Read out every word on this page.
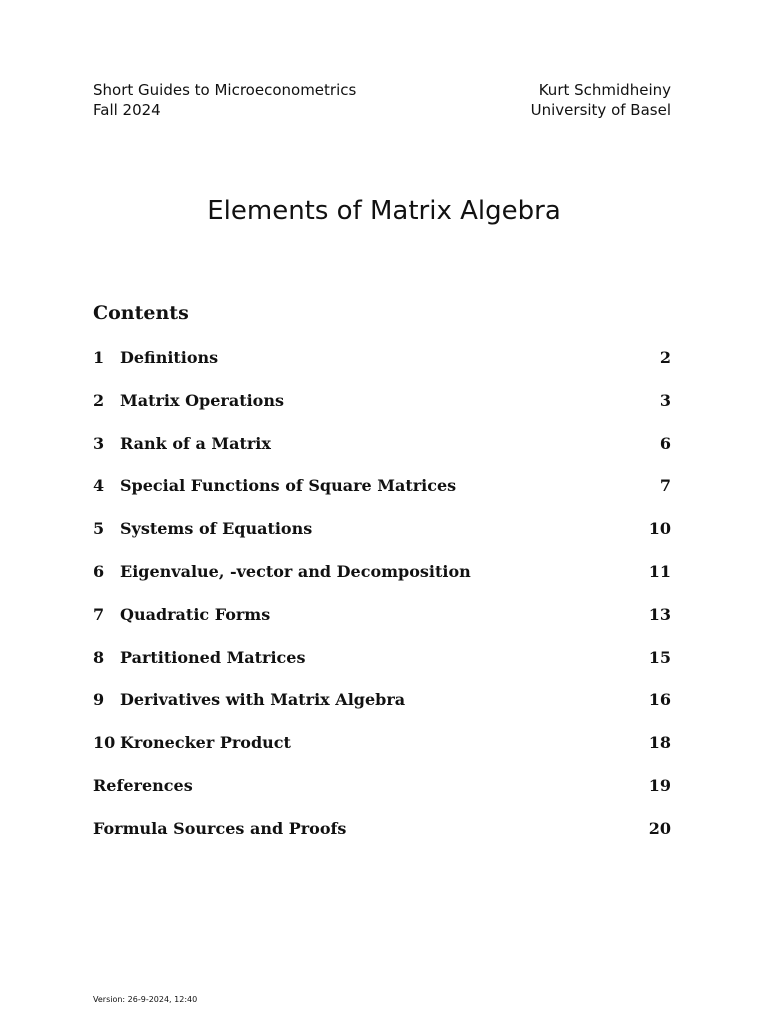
Short Guides to Microeconometrics
Fall 2024
Kurt Schmidheiny
University of Basel
Elements of Matrix Algebra
Contents
1 Definitions	2
2 Matrix Operations	3
3 Rank of a Matrix	6
4 Special Functions of Square Matrices	7
5 Systems of Equations	10
6 Eigenvalue, -vector and Decomposition	11
7 Quadratic Forms	13
8 Partitioned Matrices	15
9 Derivatives with Matrix Algebra	16
10 Kronecker Product	18
References	19
Formula Sources and Proofs	20
Version: 26-9-2024, 12:40
